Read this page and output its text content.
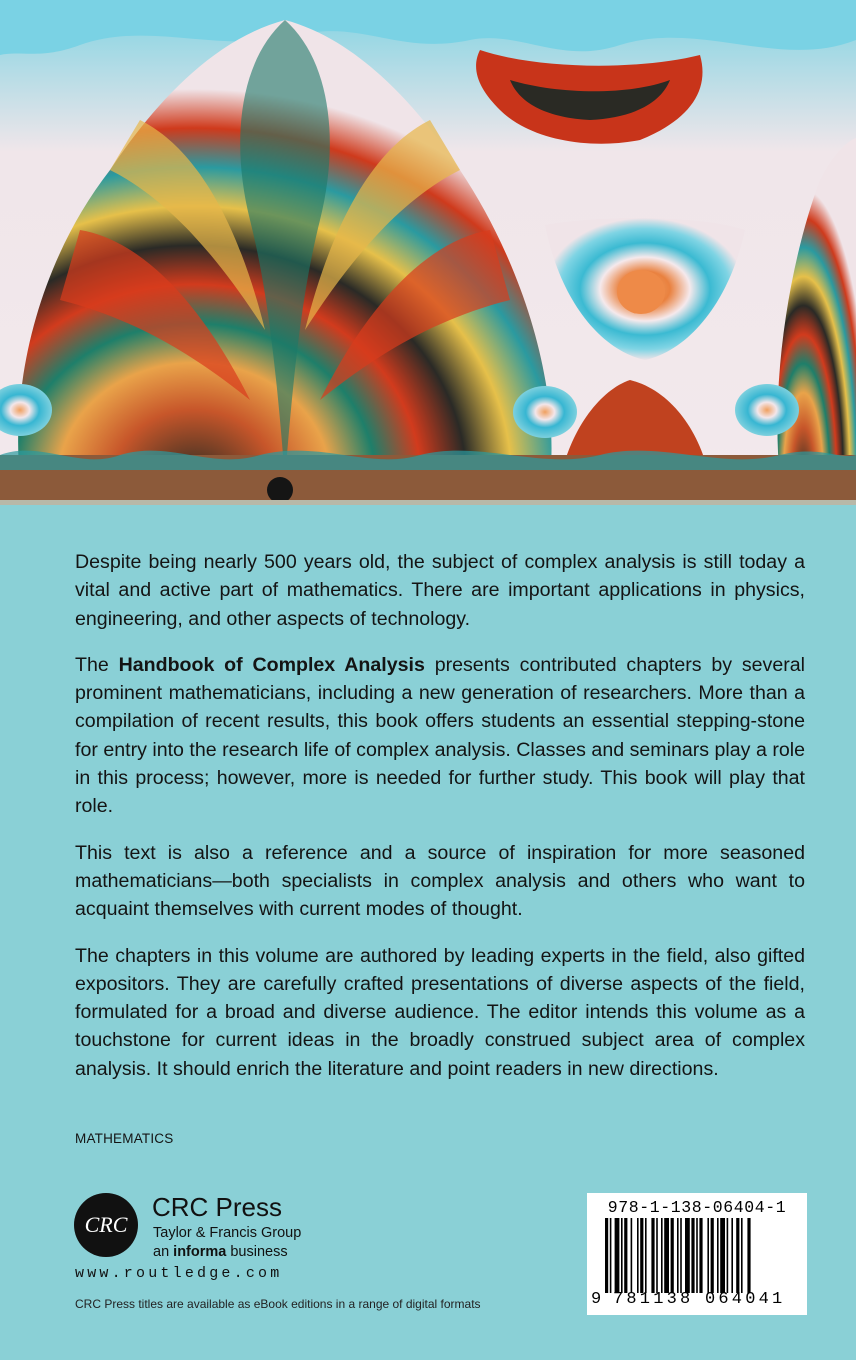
Despite being nearly 500 years old, the subject of complex analysis is still today a vital and active part of mathematics. There are important applications in physics, engineering, and other aspects of technology.

The Handbook of Complex Analysis presents contributed chapters by several prominent mathematicians, including a new generation of researchers. More than a compilation of recent results, this book offers students an essential stepping-stone for entry into the research life of complex analysis. Classes and seminars play a role in this process; however, more is needed for further study. This book will play that role.

This text is also a reference and a source of inspiration for more seasoned mathematicians—both specialists in complex analysis and others who want to acquaint themselves with current modes of thought.

The chapters in this volume are authored by leading experts in the field, also gifted expositors. They are carefully crafted presentations of diverse aspects of the field, formulated for a broad and diverse audience. The editor intends this volume as a touchstone for current ideas in the broadly construed subject area of complex analysis. It should enrich the literature and point readers in new directions.

MATHEMATICS
CRC
CRC Press
Taylor & Francis Group
an informa business
www.routledge.com
CRC Press titles are available as eBook editions in a range of digital formats
978-1-138-06404-1
9 781138 064041
